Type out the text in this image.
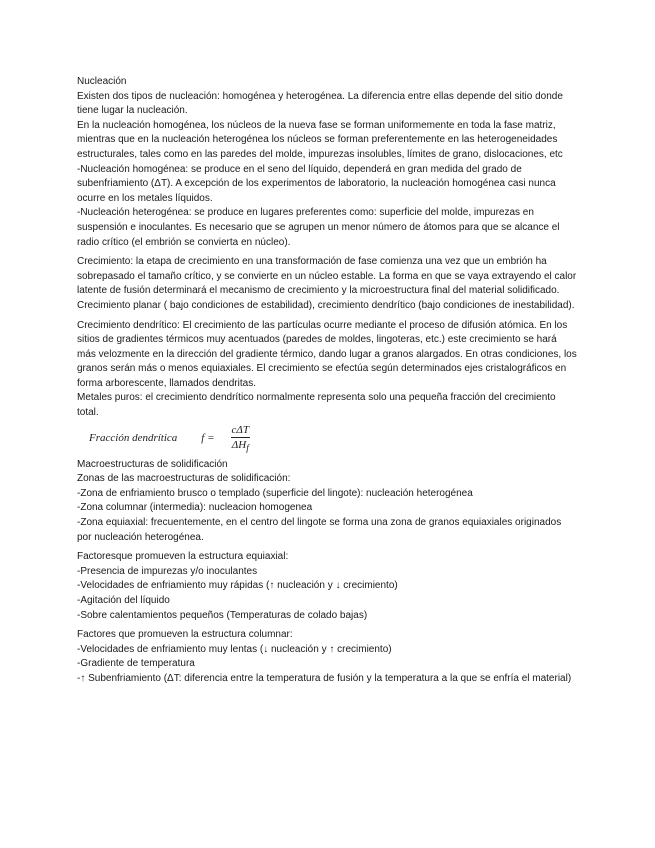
Nucleación

Existen dos tipos de nucleación: homogénea y heterogénea. La diferencia entre ellas depende del sitio donde tiene lugar la nucleación.

En la nucleación homogénea, los núcleos de la nueva fase se forman uniformemente en toda la fase matriz, mientras que en la nucleación heterogénea los núcleos se forman preferentemente en las heterogeneidades estructurales, tales como en las paredes del molde, impurezas insolubles, límites de grano, dislocaciones, etc

-Nucleación homogénea: se produce en el seno del líquido, dependerá en gran medida del grado de subenfriamiento (ΔT). A excepción de los experimentos de laboratorio, la nucleación homogénea casi nunca ocurre en los metales líquidos.

-Nucleación heterogénea: se produce en lugares preferentes como: superficie del molde, impurezas en suspensión e inoculantes. Es necesario que se agrupen un menor número de átomos para que se alcance el radio crítico (el embrión se convierta en núcleo).

Crecimiento: la etapa de crecimiento en una transformación de fase comienza una vez que un embrión ha sobrepasado el tamaño crítico, y se convierte en un núcleo estable. La forma en que se vaya extrayendo el calor latente de fusión determinará el mecanismo de crecimiento y la microestructura final del material solidificado. Crecimiento planar ( bajo condiciones de estabilidad), crecimiento dendrítico (bajo condiciones de inestabilidad).

Crecimiento dendrítico: El crecimiento de las partículas ocurre mediante el proceso de difusión atómica. En los sitios de gradientes térmicos muy acentuados (paredes de moldes, lingoteras, etc.) este crecimiento se hará más velozmente en la dirección del gradiente térmico, dando lugar a granos alargados. En otras condiciones, los granos serán más o menos equiaxiales. El crecimiento se efectúa según determinados ejes cristalográficos en forma arborescente, llamados dendritas.

Metales puros: el crecimiento dendrítico normalmente representa solo una pequeña fracción del crecimiento total.

Fracción dendrítica $f = \frac{\text{cΔT}}{\Delta H_f}$

Macroestructuras de solidificación

Zonas de las macroestructuras de solidificación:

-Zona de enfriamiento brusco o templado (superficie del lingote): nucleación heterogénea

-Zona columnar (intermedia): nucleacion homogenea

-Zona equiaxial: frecuentemente, en el centro del lingote se forma una zona de granos equiaxiales originados por nucleación heterogénea.

Factoresque promueven la estructura equiaxial:

-Presencia de impurezas y/o inoculantes

-Velocidades de enfriamiento muy rápidas (↑ nucleación y ↓ crecimiento)

-Agitación del líquido

-Sobre calentamientos pequeños (Temperaturas de colado bajas)

Factores que promueven la estructura columnar:

-Velocidades de enfriamiento muy lentas (↓ nucleación y ↑ crecimiento)

-Gradiente de temperatura

-↑ Subenfriamiento (ΔT: diferencia entre la temperatura de fusión y la temperatura a la que se enfría el material)
